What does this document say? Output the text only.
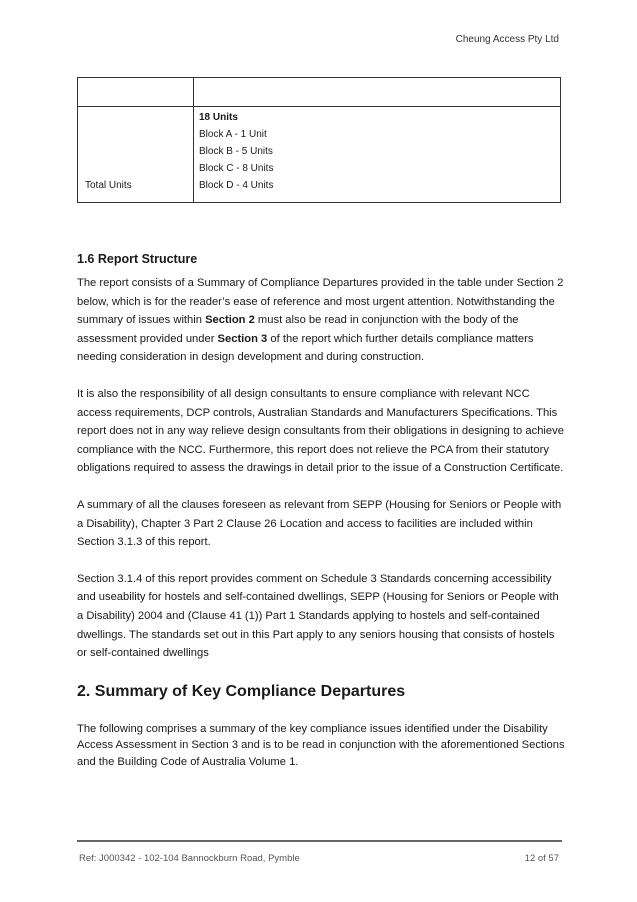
Cheung Access Pty Ltd

Total Units	18 Units
Block A - 1 Unit
Block B - 5 Units
Block C - 8 Units
Block D - 4 Units
1.6 Report Structure

The report consists of a Summary of Compliance Departures provided in the table under Section 2 below, which is for the reader’s ease of reference and most urgent attention. Notwithstanding the summary of issues within Section 2 must also be read in conjunction with the body of the assessment provided under Section 3 of the report which further details compliance matters needing consideration in design development and during construction.

It is also the responsibility of all design consultants to ensure compliance with relevant NCC access requirements, DCP controls, Australian Standards and Manufacturers Specifications. This report does not in any way relieve design consultants from their obligations in designing to achieve compliance with the NCC. Furthermore, this report does not relieve the PCA from their statutory obligations required to assess the drawings in detail prior to the issue of a Construction Certificate.

A summary of all the clauses foreseen as relevant from SEPP (Housing for Seniors or People with a Disability), Chapter 3 Part 2 Clause 26 Location and access to facilities are included within Section 3.1.3 of this report.

Section 3.1.4 of this report provides comment on Schedule 3 Standards concerning accessibility and useability for hostels and self-contained dwellings, SEPP (Housing for Seniors or People with a Disability) 2004 and (Clause 41 (1)) Part 1 Standards applying to hostels and self-contained dwellings. The standards set out in this Part apply to any seniors housing that consists of hostels or self-contained dwellings

2. Summary of Key Compliance Departures

The following comprises a summary of the key compliance issues identified under the Disability Access Assessment in Section 3 and is to be read in conjunction with the aforementioned Sections and the Building Code of Australia Volume 1.

Ref: J000342 - 102-104 Bannockburn Road, Pymble	12 of 57
